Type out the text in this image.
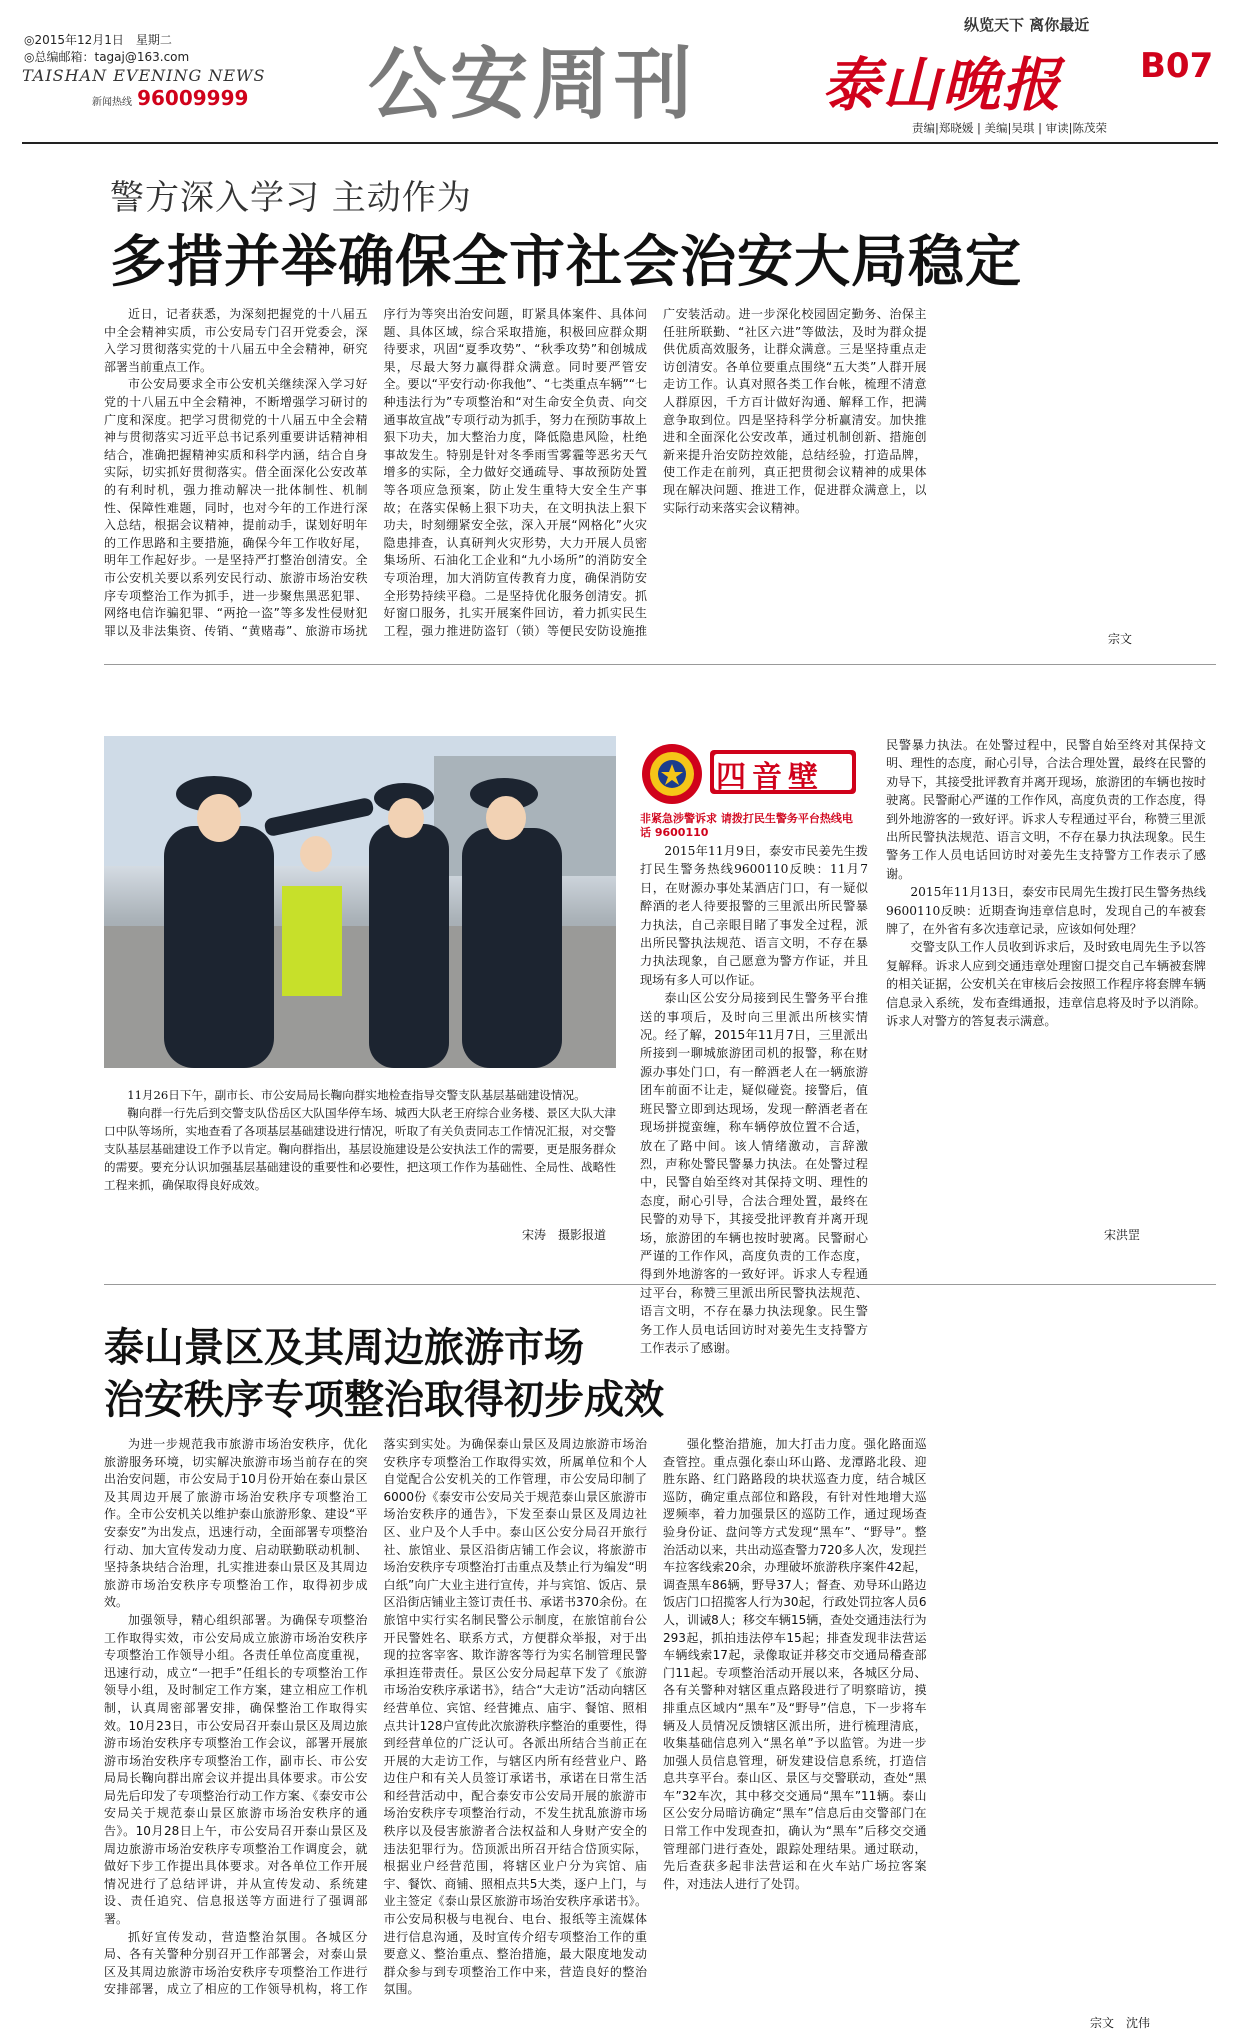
◎2015年12月1日　星期二
◎总编邮箱：tagaj@163.com
TAISHAN EVENING NEWS
新闻热线 96009999 公安周刊
纵览天下 离你最近
泰山晚报 B07
责编|郑晓媛 | 美编|吴琪 | 审读|陈茂荣
警方深入学习 主动作为
多措并举确保全市社会治安大局稳定

近日，记者获悉，为深刻把握党的十八届五中全会精神实质，市公安局专门召开党委会，深入学习贯彻落实党的十八届五中全会精神，研究部署当前重点工作。

市公安局要求全市公安机关继续深入学习好党的十八届五中全会精神，不断增强学习研讨的广度和深度。把学习贯彻党的十八届五中全会精神与贯彻落实习近平总书记系列重要讲话精神相结合，准确把握精神实质和科学内涵，结合自身实际，切实抓好贯彻落实。借全面深化公安改革的有利时机，强力推动解决一批体制性、机制性、保障性难题，同时，也对今年的工作进行深入总结，根据会议精神，提前动手，谋划好明年的工作思路和主要措施，确保今年工作收好尾，明年工作起好步。一是坚持严打整治创清安。全市公安机关要以系列安民行动、旅游市场治安秩序专项整治工作为抓手，进一步聚焦黑恶犯罪、网络电信诈骗犯罪、“两抢一盗”等多发性侵财犯罪以及非法集资、传销、“黄赌毒”、旅游市场扰序行为等突出治安问题，盯紧具体案件、具体问题、具体区域，综合采取措施，积极回应群众期待要求，巩固“夏季攻势”、“秋季攻势”和创城成果，尽最大努力赢得群众满意。同时要严管安全。要以“平安行动·你我他”、“七类重点车辆”“七种违法行为”专项整治和“对生命安全负责、向交通事故宣战”专项行动为抓手，努力在预防事故上狠下功夫，加大整治力度，降低隐患风险，杜绝事故发生。特别是针对冬季雨雪雾霾等恶劣天气增多的实际，全力做好交通疏导、事故预防处置等各项应急预案，防止发生重特大安全生产事故；在落实保畅上狠下功夫，在文明执法上狠下功夫，时刻绷紧安全弦，深入开展“网格化”火灾隐患排查，认真研判火灾形势，大力开展人员密集场所、石油化工企业和“九小场所”的消防安全专项治理，加大消防宣传教育力度，确保消防安全形势持续平稳。二是坚持优化服务创清安。抓好窗口服务，扎实开展案件回访，着力抓实民生工程，强力推进防盗钉（锁）等便民安防设施推广安装活动。进一步深化校园固定勤务、治保主任驻所联勤、“社区六进”等做法，及时为群众提供优质高效服务，让群众满意。三是坚持重点走访创清安。各单位要重点围绕“五大类”人群开展走访工作。认真对照各类工作台帐，梳理不清意人群原因，千方百计做好沟通、解释工作，把满意争取到位。四是坚持科学分析赢清安。加快推进和全面深化公安改革，通过机制创新、措施创新来提升治安防控效能，总结经验，打造品牌，使工作走在前列，真正把贯彻会议精神的成果体现在解决问题、推进工作，促进群众满意上，以实际行动来落实会议精神。

宗文

11月26日下午，副市长、市公安局局长鞠向群实地检查指导交警支队基层基础建设情况。

鞠向群一行先后到交警支队岱岳区大队国华停车场、城西大队老王府综合业务楼、景区大队大津口中队等场所，实地查看了各项基层基础建设进行情况，听取了有关负责同志工作情况汇报，对交警支队基层基础建设工作予以肯定。鞠向群指出，基层设施建设是公安执法工作的需要，更是服务群众的需要。要充分认识加强基层基础建设的重要性和必要性，把这项工作作为基础性、全局性、战略性工程来抓，确保取得良好成效。

宋涛　摄影报道
四音壁
非紧急涉警诉求 请拨打民生警务平台热线电话 9600110

2015年11月9日，泰安市民姜先生拨打民生警务热线9600110反映：11月7日，在财源办事处某酒店门口，有一疑似醉酒的老人待要报警的三里派出所民警暴力执法，自己亲眼目睹了事发全过程，派出所民警执法规范、语言文明，不存在暴力执法现象，自己愿意为警方作证，并且现场有多人可以作证。

泰山区公安分局接到民生警务平台推送的事项后，及时向三里派出所核实情况。经了解，2015年11月7日，三里派出所接到一聊城旅游团司机的报警，称在财源办事处门口，有一醉酒老人在一辆旅游团车前面不让走，疑似碰瓷。接警后，值班民警立即到达现场，发现一醉酒老者在现场拼搅蛮缠，称车辆停放位置不合适，放在了路中间。该人情绪激动，言辞激烈，声称处警民警暴力执法。在处警过程中，民警自始至终对其保持文明、理性的态度，耐心引导，合法合理处置，最终在民警的劝导下，其接受批评教育并离开现场，旅游团的车辆也按时驶离。民警耐心严谨的工作作风，高度负责的工作态度，得到外地游客的一致好评。诉求人专程通过平台，称赞三里派出所民警执法规范、语言文明，不存在暴力执法现象。民生警务工作人员电话回访时对姜先生支持警方工作表示了感谢。

民警暴力执法。在处警过程中，民警自始至终对其保持文明、理性的态度，耐心引导，合法合理处置，最终在民警的劝导下，其接受批评教育并离开现场，旅游团的车辆也按时驶离。民警耐心严谨的工作作风，高度负责的工作态度，得到外地游客的一致好评。诉求人专程通过平台，称赞三里派出所民警执法规范、语言文明，不存在暴力执法现象。民生警务工作人员电话回访时对姜先生支持警方工作表示了感谢。

2015年11月13日，泰安市民周先生拨打民生警务热线9600110反映：近期查询违章信息时，发现自己的车被套牌了，在外省有多次违章记录，应该如何处理？

交警支队工作人员收到诉求后，及时致电周先生予以答复解释。诉求人应到交通违章处理窗口提交自己车辆被套牌的相关证据，公安机关在审核后会按照工作程序将套牌车辆信息录入系统，发布查缉通报，违章信息将及时予以消除。诉求人对警方的答复表示满意。

宋洪罡
泰山景区及其周边旅游市场
治安秩序专项整治取得初步成效

为进一步规范我市旅游市场治安秩序，优化旅游服务环境，切实解决旅游市场当前存在的突出治安问题，市公安局于10月份开始在泰山景区及其周边开展了旅游市场治安秩序专项整治工作。全市公安机关以维护泰山旅游形象、建设“平安泰安”为出发点，迅速行动，全面部署专项整治行动、加大宣传发动力度、启动联勤联动机制、坚持条块结合治理，扎实推进泰山景区及其周边旅游市场治安秩序专项整治工作，取得初步成效。

加强领导，精心组织部署。为确保专项整治工作取得实效，市公安局成立旅游市场治安秩序专项整治工作领导小组。各责任单位高度重视，迅速行动，成立“一把手”任组长的专项整治工作领导小组，及时制定工作方案，建立相应工作机制，认真周密部署安排，确保整治工作取得实效。10月23日，市公安局召开泰山景区及周边旅游市场治安秩序专项整治工作会议，部署开展旅游市场治安秩序专项整治工作，副市长、市公安局局长鞠向群出席会议并提出具体要求。市公安局先后印发了专项整治行动工作方案、《泰安市公安局关于规范泰山景区旅游市场治安秩序的通告》。10月28日上午，市公安局召开泰山景区及周边旅游市场治安秩序专项整治工作调度会，就做好下步工作提出具体要求。对各单位工作开展情况进行了总结评讲，并从宣传发动、系统建设、责任追究、信息报送等方面进行了强调部署。

抓好宣传发动，营造整治氛围。各城区分局、各有关警种分别召开工作部署会，对泰山景区及其周边旅游市场治安秩序专项整治工作进行安排部署，成立了相应的工作领导机构，将工作落实到实处。为确保泰山景区及周边旅游市场治安秩序专项整治工作取得实效，所属单位和个人自觉配合公安机关的工作管理，市公安局印制了6000份《泰安市公安局关于规范泰山景区旅游市场治安秩序的通告》，下发至泰山景区及周边社区、业户及个人手中。泰山区公安分局召开旅行社、旅馆业、景区沿街店铺工作会议，将旅游市场治安秩序专项整治打击重点及禁止行为编发“明白纸”向广大业主进行宣传，并与宾馆、饭店、景区沿街店铺业主签订责任书、承诺书370余份。在旅馆中实行实名制民警公示制度，在旅馆前台公开民警姓名、联系方式，方便群众举报，对于出现的拉客宰客、欺诈游客等行为实名制管理民警承担连带责任。景区公安分局起草下发了《旅游市场治安秩序承诺书》，结合“大走访”活动向辖区经营单位、宾馆、经营摊点、庙宇、餐馆、照相点共计128户宣传此次旅游秩序整治的重要性，得到经营单位的广泛认可。各派出所结合当前正在开展的大走访工作，与辖区内所有经营业户、路边住户和有关人员签订承诺书，承诺在日常生活和经营活动中，配合泰安市公安局开展的旅游市场治安秩序专项整治行动，不发生扰乱旅游市场秩序以及侵害旅游者合法权益和人身财产安全的违法犯罪行为。岱顶派出所召开结合岱顶实际，根据业户经营范围，将辖区业户分为宾馆、庙宇、餐饮、商铺、照相点共5大类，逐户上门，与业主签定《泰山景区旅游市场治安秩序承诺书》。市公安局积极与电视台、电台、报纸等主流媒体进行信息沟通，及时宣传介绍专项整治工作的重要意义、整治重点、整治措施，最大限度地发动群众参与到专项整治工作中来，营造良好的整治氛围。

强化整治措施，加大打击力度。强化路面巡查管控。重点强化泰山环山路、龙潭路北段、迎胜东路、红门路路段的块状巡查力度，结合城区巡防，确定重点部位和路段，有针对性地增大巡逻频率，着力加强景区的巡防工作，通过现场查验身份证、盘问等方式发现“黑车”、“野导”。整治活动以来，共出动巡查警力720多人次，发现拦车拉客线索20余，办理破坏旅游秩序案件42起，调查黑车86辆，野导37人；督查、劝导环山路边饭店门口招揽客人行为30起，行政处罚拉客人员6人，训诫8人；移交车辆15辆，查处交通违法行为293起，抓拍违法停车15起；排查发现非法营运车辆线索17起，录像取证并移交市交通局稽查部门11起。专项整治活动开展以来，各城区分局、各有关警种对辖区重点路段进行了明察暗访，摸排重点区域内“黑车”及“野导”信息，下一步将车辆及人员情况反馈辖区派出所，进行梳理清底，收集基础信息列入“黑名单”予以监管。为进一步加强人员信息管理，研发建设信息系统，打造信息共享平台。泰山区、景区与交警联动，查处“黑车”32车次，其中移交交通局“黑车”11辆。泰山区公安分局暗访确定“黑车”信息后由交警部门在日常工作中发现查扣，确认为“黑车”后移交交通管理部门进行查处，跟踪处理结果。通过联动，先后查获多起非法营运和在火车站广场拉客案件，对违法人进行了处罚。

宗文　沈伟
